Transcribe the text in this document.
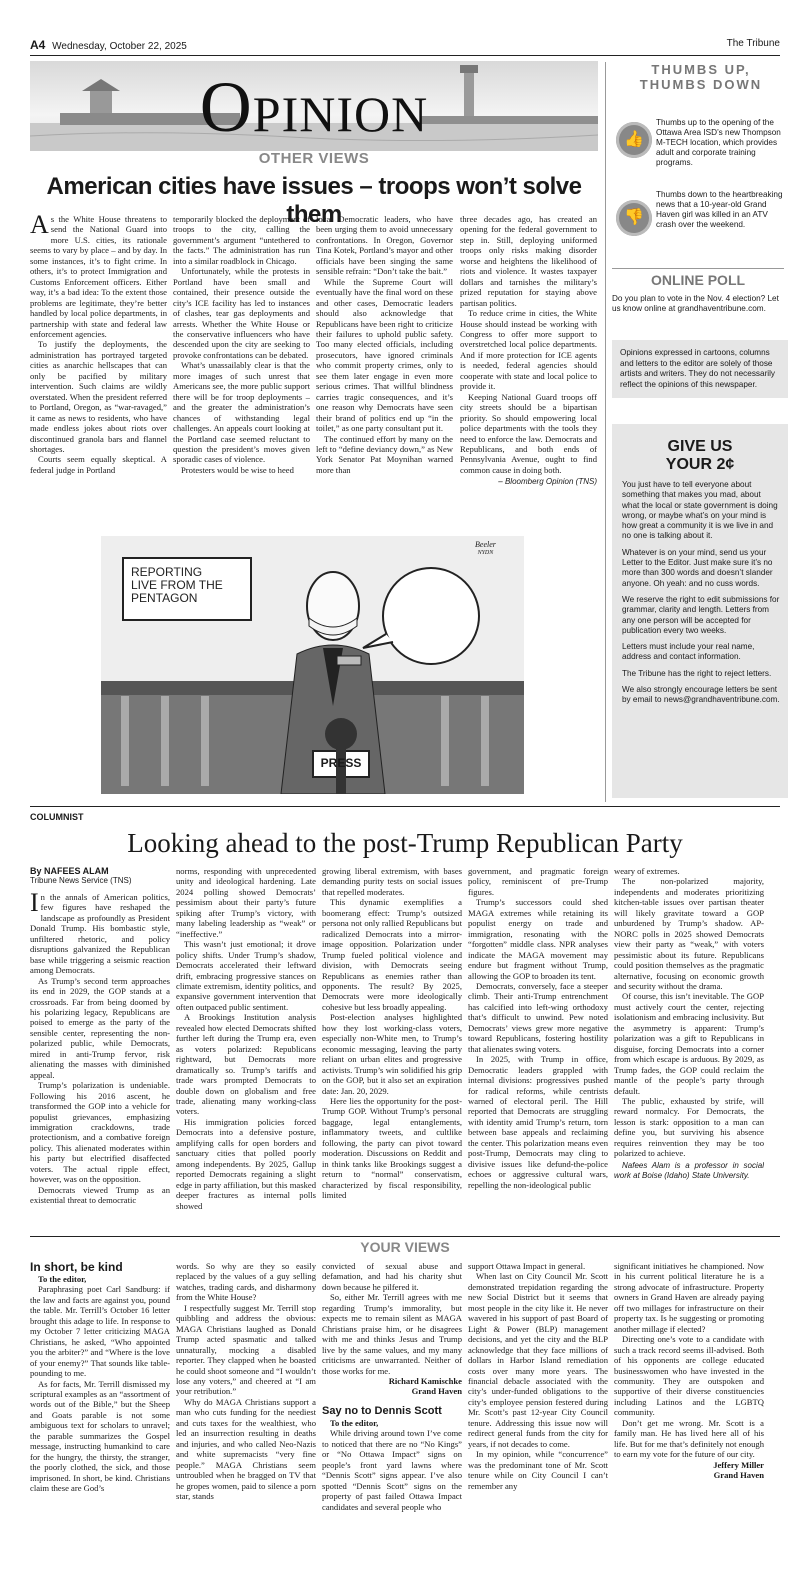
A4 Wednesday, October 22, 2025	The Tribune
Opinion
OTHER VIEWS
American cities have issues – troops won’t solve them

As the White House threatens to send the National Guard into more U.S. cities, its rationale seems to vary by place – and by day. In some instances, it’s to fight crime. In others, it’s to protect Immigration and Customs Enforcement officers. Either way, it’s a bad idea: To the extent those problems are legitimate, they’re better handled by local police departments, in partnership with state and federal law enforcement agencies.

To justify the deployments, the administration has portrayed targeted cities as anarchic hellscapes that can only be pacified by military intervention. Such claims are wildly overstated. When the president referred to Portland, Oregon, as “war-ravaged,” it came as news to residents, who have made endless jokes about riots over discontinued granola bars and flannel shortages.

Courts seem equally skeptical. A federal judge in Portland

temporarily blocked the deployment of troops to the city, calling the government’s argument “untethered to the facts.” The administration has run into a similar roadblock in Chicago.

Unfortunately, while the protests in Portland have been small and contained, their presence outside the city’s ICE facility has led to instances of clashes, tear gas deployments and arrests. Whether the White House or the conservative influencers who have descended upon the city are seeking to provoke confrontations can be debated.

What’s unassailably clear is that the more images of such unrest that Americans see, the more public support there will be for troop deployments – and the greater the administration’s chances of withstanding legal challenges. An appeals court looking at the Portland case seemed reluctant to question the president’s moves given sporadic cases of violence.

Protesters would be wise to heed

local Democratic leaders, who have been urging them to avoid unnecessary confrontations. In Oregon, Governor Tina Kotek, Portland’s mayor and other officials have been singing the same sensible refrain: “Don’t take the bait.”

While the Supreme Court will eventually have the final word on these and other cases, Democratic leaders should also acknowledge that Republicans have been right to criticize their failures to uphold public safety. Too many elected officials, including prosecutors, have ignored criminals who commit property crimes, only to see them later engage in even more serious crimes. That willful blindness carries tragic consequences, and it’s one reason why Democrats have seen their brand of politics end up “in the toilet,” as one party consultant put it.

The continued effort by many on the left to “define deviancy down,” as New York Senator Pat Moynihan warned more than

three decades ago, has created an opening for the federal government to step in. Still, deploying uniformed troops only risks making disorder worse and heightens the likelihood of riots and violence. It wastes taxpayer dollars and tarnishes the military’s prized reputation for staying above partisan politics.

To reduce crime in cities, the White House should instead be working with Congress to offer more support to overstretched local police departments. And if more protection for ICE agents is needed, federal agencies should cooperate with state and local police to provide it.

Keeping National Guard troops off city streets should be a bipartisan priority. So should empowering local police departments with the tools they need to enforce the law. Democrats and Republicans, and both ends of Pennsylvania Avenue, ought to find common cause in doing both.

– Bloomberg Opinion (TNS)
REPORTING
LIVE FROM THE
PENTAGON
PRESS
Beeler
NYDN
THUMBS UP, THUMBS DOWN
👍
Thumbs up to the opening of the Ottawa Area ISD’s new Thompson M-TECH location, which provides adult and corporate training programs.
👎
Thumbs down to the heartbreaking news that a 10-year-old Grand Haven girl was killed in an ATV crash over the weekend.
ONLINE POLL
Do you plan to vote in the Nov. 4 election? Let us know online at grandhaventribune.com.
Opinions expressed in cartoons, columns and letters to the editor are solely of those artists and writers. They do not necessarily reflect the opinions of this newspaper.
GIVE US
YOUR 2¢

You just have to tell everyone about something that makes you mad, about what the local or state government is doing wrong, or maybe what’s on your mind is how great a community it is we live in and no one is talking about it.

Whatever is on your mind, send us your Letter to the Editor. Just make sure it’s no more than 300 words and doesn’t slander anyone. Oh yeah: and no cuss words.

We reserve the right to edit submissions for grammar, clarity and length. Letters from any one person will be accepted for publication every two weeks.

Letters must include your real name, address and contact information.

The Tribune has the right to reject letters.

We also strongly encourage letters be sent by email to news@grandhaventribune.com.

COLUMNIST
Looking ahead to the post-Trump Republican Party
By NAFEES ALAM
Tribune News Service (TNS)

In the annals of American politics, few figures have reshaped the landscape as profoundly as President Donald Trump. His bombastic style, unfiltered rhetoric, and policy disruptions galvanized the Republican base while triggering a seismic reaction among Democrats.

As Trump’s second term approaches its end in 2029, the GOP stands at a crossroads. Far from being doomed by his polarizing legacy, Republicans are poised to emerge as the party of the sensible center, representing the non-polarized public, while Democrats, mired in anti-Trump fervor, risk alienating the masses with diminished appeal.

Trump’s polarization is undeniable. Following his 2016 ascent, he transformed the GOP into a vehicle for populist grievances, emphasizing immigration crackdowns, trade protectionism, and a combative foreign policy. This alienated moderates within his party but electrified disaffected voters. The actual ripple effect, however, was on the opposition.

Democrats viewed Trump as an existential threat to democratic

norms, responding with unprecedented unity and ideological hardening. Late 2024 polling showed Democrats’ pessimism about their party’s future spiking after Trump’s victory, with many labeling leadership as “weak” or “ineffective.”

This wasn’t just emotional; it drove policy shifts. Under Trump’s shadow, Democrats accelerated their leftward drift, embracing progressive stances on climate extremism, identity politics, and expansive government intervention that often outpaced public sentiment.

A Brookings Institution analysis revealed how elected Democrats shifted further left during the Trump era, even as voters polarized: Republicans rightward, but Democrats more dramatically so. Trump’s tariffs and trade wars prompted Democrats to double down on globalism and free trade, alienating many working-class voters.

His immigration policies forced Democrats into a defensive posture, amplifying calls for open borders and sanctuary cities that polled poorly among independents. By 2025, Gallup reported Democrats regaining a slight edge in party affiliation, but this masked deeper fractures as internal polls showed

growing liberal extremism, with bases demanding purity tests on social issues that repelled moderates.

This dynamic exemplifies a boomerang effect: Trump’s outsized persona not only rallied Republicans but radicalized Democrats into a mirror-image opposition. Polarization under Trump fueled political violence and division, with Democrats seeing Republicans as enemies rather than opponents. The result? By 2025, Democrats were more ideologically cohesive but less broadly appealing.

Post-election analyses highlighted how they lost working-class voters, especially non-White men, to Trump’s economic messaging, leaving the party reliant on urban elites and progressive activists. Trump’s win solidified his grip on the GOP, but it also set an expiration date: Jan. 20, 2029.

Here lies the opportunity for the post-Trump GOP. Without Trump’s personal baggage, legal entanglements, inflammatory tweets, and cultlike following, the party can pivot toward moderation. Discussions on Reddit and in think tanks like Brookings suggest a return to “normal” conservatism, characterized by fiscal responsibility, limited

government, and pragmatic foreign policy, reminiscent of pre-Trump figures.

Trump’s successors could shed MAGA extremes while retaining its populist energy on trade and immigration, resonating with the “forgotten” middle class. NPR analyses indicate the MAGA movement may endure but fragment without Trump, allowing the GOP to broaden its tent.

Democrats, conversely, face a steeper climb. Their anti-Trump entrenchment has calcified into left-wing orthodoxy that’s difficult to unwind. Pew noted Democrats’ views grew more negative toward Republicans, fostering hostility that alienates swing voters.

In 2025, with Trump in office, Democratic leaders grappled with internal divisions: progressives pushed for radical reforms, while centrists warned of electoral peril. The Hill reported that Democrats are struggling with identity amid Trump’s return, torn between base appeals and reclaiming the center. This polarization means even post-Trump, Democrats may cling to divisive issues like defund-the-police echoes or aggressive cultural wars, repelling the non-ideological public

weary of extremes.

The non-polarized majority, independents and moderates prioritizing kitchen-table issues over partisan theater will likely gravitate toward a GOP unburdened by Trump’s shadow. AP-NORC polls in 2025 showed Democrats view their party as “weak,” with voters pessimistic about its future. Republicans could position themselves as the pragmatic alternative, focusing on economic growth and security without the drama.

Of course, this isn’t inevitable. The GOP must actively court the center, rejecting isolationism and embracing inclusivity. But the asymmetry is apparent: Trump’s polarization was a gift to Republicans in disguise, forcing Democrats into a corner from which escape is arduous. By 2029, as Trump fades, the GOP could reclaim the mantle of the people’s party through default.

The public, exhausted by strife, will reward normalcy. For Democrats, the lesson is stark: opposition to a man can define you, but surviving his absence requires reinvention they may be too polarized to achieve.

Nafees Alam is a professor in social work at Boise (Idaho) State University.
YOUR VIEWS
In short, be kind
To the editor,

Paraphrasing poet Carl Sandburg: if the law and facts are against you, pound the table. Mr. Terrill’s October 16 letter brought this adage to life. In response to my October 7 letter criticizing MAGA Christians, he asked, “Who appointed you the arbiter?” and “Where is the love of your enemy?” That sounds like table-pounding to me.

As for facts, Mr. Terrill dismissed my scriptural examples as an “assortment of words out of the Bible,” but the Sheep and Goats parable is not some ambiguous text for scholars to unravel; the parable summarizes the Gospel message, instructing humankind to care for the hungry, the thirsty, the stranger, the poorly clothed, the sick, and those imprisoned. In short, be kind. Christians claim these are God’s

words. So why are they so easily replaced by the values of a guy selling watches, trading cards, and disharmony from the White House?

I respectfully suggest Mr. Terrill stop quibbling and address the obvious: MAGA Christians laughed as Donald Trump acted spasmatic and talked unnaturally, mocking a disabled reporter. They clapped when he boasted he could shoot someone and “I wouldn’t lose any voters,” and cheered at “I am your retribution.”

Why do MAGA Christians support a man who cuts funding for the neediest and cuts taxes for the wealthiest, who led an insurrection resulting in deaths and injuries, and who called Neo-Nazis and white supremacists “very fine people.” MAGA Christians seem untroubled when he bragged on TV that he gropes women, paid to silence a porn star, stands

convicted of sexual abuse and defamation, and had his charity shut down because he pilfered it.

So, either Mr. Terrill agrees with me regarding Trump’s immorality, but expects me to remain silent as MAGA Christians praise him, or he disagrees with me and thinks Jesus and Trump live by the same values, and my many criticisms are unwarranted. Neither of those works for me.

Richard Kamischke
Grand Haven
Say no to Dennis Scott
To the editor,

While driving around town I’ve come to noticed that there are no “No Kings” or “No Ottawa Impact” signs on people’s front yard lawns where “Dennis Scott” signs appear. I’ve also spotted “Dennis Scott” signs on the property of past failed Ottawa Impact candidates and several people who

support Ottawa Impact in general.

When last on City Council Mr. Scott demonstrated trepidation regarding the new Social District but it seems that most people in the city like it. He never wavered in his support of past Board of Light & Power (BLP) management decisions, and yet the city and the BLP acknowledge that they face millions of dollars in Harbor Island remediation costs over many more years. The financial debacle associated with the city’s under-funded obligations to the city’s employee pension festered during Mr. Scott’s past 12-year City Council tenure. Addressing this issue now will redirect general funds from the city for years, if not decades to come.

In my opinion, while “concurrence” was the predominant tone of Mr. Scott tenure while on City Council I can’t remember any

significant initiatives he championed. Now in his current political literature he is a strong advocate of infrastructure. Property owners in Grand Haven are already paying off two millages for infrastructure on their property tax. Is he suggesting or promoting another millage if elected?

Directing one’s vote to a candidate with such a track record seems ill-advised. Both of his opponents are college educated businesswomen who have invested in the community. They are outspoken and supportive of their diverse constituencies including Latinos and the LGBTQ community.

Don’t get me wrong. Mr. Scott is a family man. He has lived here all of his life. But for me that’s definitely not enough to earn my vote for the future of our city.

Jeffery Miller
Grand Haven
